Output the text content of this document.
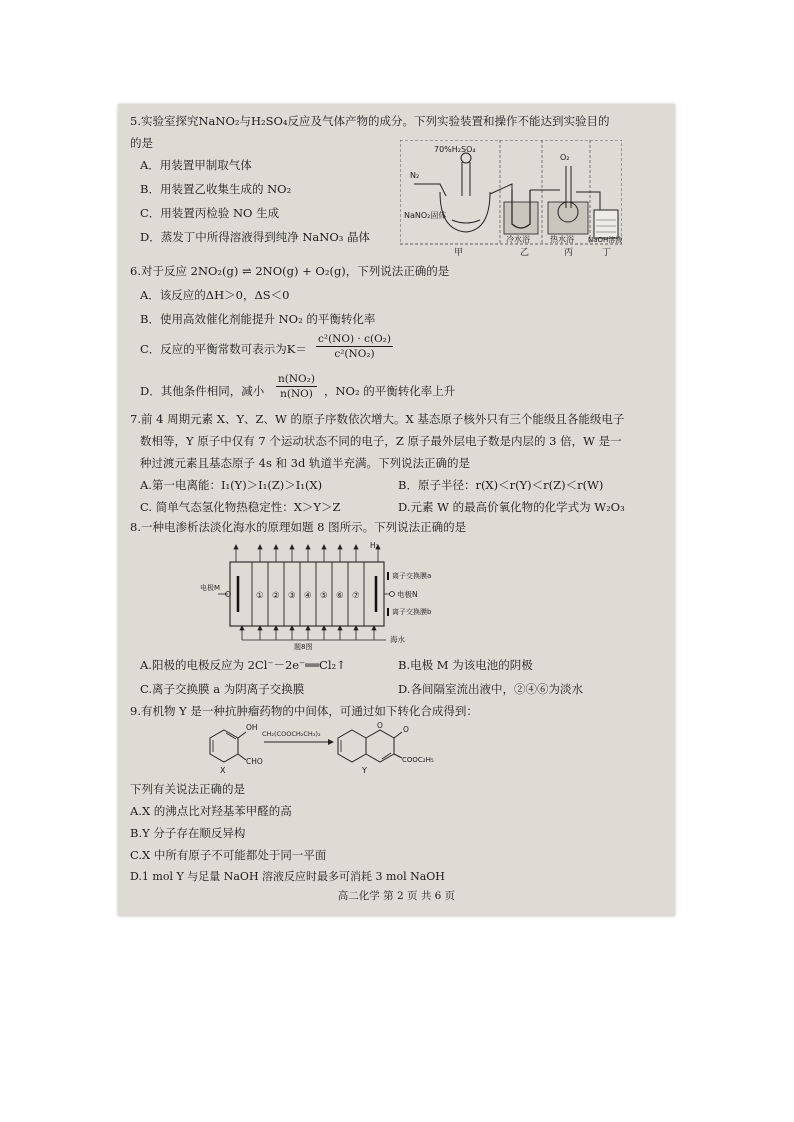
5.实验室探究NaNO₂与H₂SO₄反应及气体产物的成分。下列实验装置和操作不能达到实验目的
的是
A．用装置甲制取气体
B．用装置乙收集生成的 NO₂
C．用装置丙检验 NO 生成
D．蒸发丁中所得溶液得到纯净 NaNO₃ 晶体
70%H₂SO₄
N₂
O₂
NaNO₂固体
冷水浴	热水浴 NaOH溶液
甲	乙	丙	丁
6.对于反应 2NO₂(g) ⇌ 2NO(g) + O₂(g)，下列说法正确的是
A．该反应的ΔH＞0，ΔS＜0
B．使用高效催化剂能提升 NO₂ 的平衡转化率
C．反应的平衡常数可表示为$K= \frac{\text{c²(NO) · c(O₂)}}{\text{c²(NO₂)}}$
D．其他条件相同，减小 $\frac{\text{n(NO₂)}}{n(NO)}$ ，NO₂ 的平衡转化率上升
7.前 4 周期元素 X、Y、Z、W 的原子序数依次增大。X 基态原子核外只有三个能级且各能级电子
数相等，Y 原子中仅有 7 个运动状态不同的电子，Z 原子最外层电子数是内层的 3 倍，W 是一
种过渡元素且基态原子 4s 和 3d 轨道半充满。下列说法正确的是
A.第一电离能：I₁(Y)＞I₁(Z)＞I₁(X)	B．原子半径：r(X)＜r(Y)＜r(Z)＜r(W)
C. 简单气态氢化物热稳定性：X＞Y＞Z	D.元素 W 的最高价氧化物的化学式为 W₂O₃
8.一种电渗析法淡化海水的原理如题 8 图所示。下列说法正确的是
① ② ③ ④ ⑤ ⑥ ⑦
H₂
离子交换膜a
离子交换膜b
电极N
电极M
海水
题8图
A.阳极的电极反应为 2Cl⁻－2e⁻══Cl₂↑	B.电极 M 为该电池的阴极
C.离子交换膜 a 为阴离子交换膜	D.各间隔室流出液中，②④⑥为淡水
9.有机物 Y 是一种抗肿瘤药物的中间体，可通过如下转化合成得到：
OH
CHO
X
CH₂(COOCH₂CH₃)₂
O	O
COOC₂H₅
Y
下列有关说法正确的是
A.X 的沸点比对羟基苯甲醛的高
B.Y 分子存在顺反异构
C.X 中所有原子不可能都处于同一平面
D.1 mol Y 与足量 NaOH 溶液反应时最多可消耗 3 mol NaOH
高二化学 第 2 页 共 6 页
